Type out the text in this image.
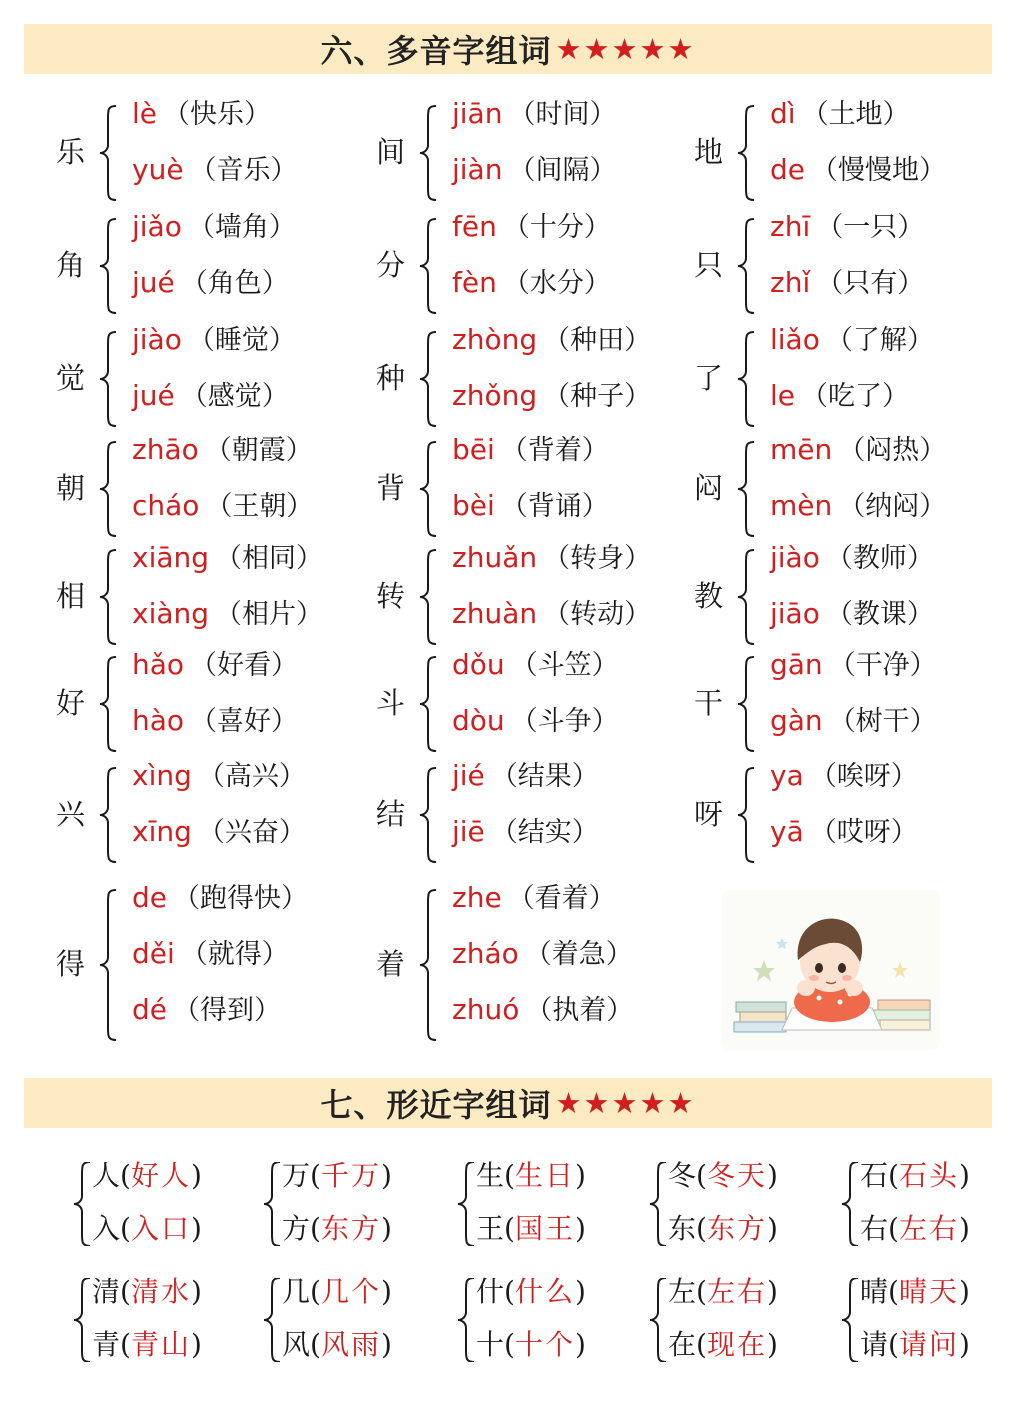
六、多音字组词 ★★★★★
乐
lè （快乐）
yuè （音乐）
间
jiān （时间）
jiàn （间隔）
地
dì （土地）
de （慢慢地）
角
jiǎo （墙角）
jué （角色）
分
fēn （十分）
fèn （水分）
只
zhī （一只）
zhǐ （只有）
觉
jiào （睡觉）
jué （感觉）
种
zhòng （种田）
zhǒng （种子）
了
liǎo （了解）
le （吃了）
朝
zhāo （朝霞）
cháo （王朝）
背
bēi （背着）
bèi （背诵）
闷
mēn （闷热）
mèn （纳闷）
相
xiāng （相同）
xiàng （相片）
转
zhuǎn （转身）
zhuàn （转动）
教
jiào （教师）
jiāo （教课）
好
hǎo （好看）
hào （喜好）
斗
dǒu （斗笠）
dòu （斗争）
干
gān （干净）
gàn （树干）
兴
xìng （高兴）
xīng （兴奋）
结
jié （结果）
jiē （结实）
呀
ya （唉呀）
yā （哎呀）
得
de （跑得快）
děi （就得）
dé （得到）
着
zhe （看着）
zháo （着急）
zhuó （执着）
七、形近字组词 ★★★★★
人 ( 好人 )
入 ( 入口 )
万 ( 千万 )
方 ( 东方 )
生 ( 生日 )
王 ( 国王 )
冬 ( 冬天 )
东 ( 东方 )
石 ( 石头 )
右 ( 左右 )
清 ( 清水 )
青 ( 青山 )
几 ( 几个 )
风 ( 风雨 )
什 ( 什么 )
十 ( 十个 )
左 ( 左右 )
在 ( 现在 )
晴 ( 晴天 )
请 ( 请问 )
